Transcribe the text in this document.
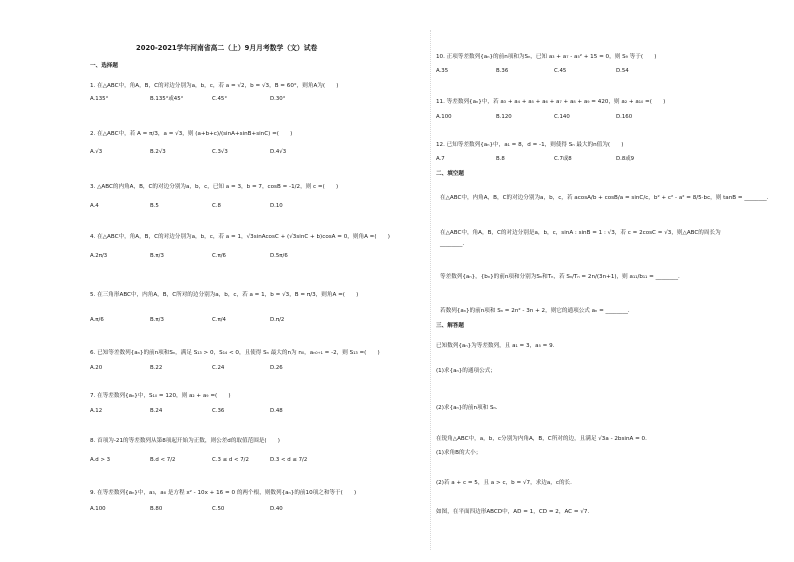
2020-2021学年河南省高二（上）9月月考数学（文）试卷
一、选择题
1. 在△ABC中，角A，B，C的对边分别为a，b，c，若 a = √2，b = √3，B = 60°，则角A为(　　)
A.135°	B.135°或45°	C.45°	D.30°
2. 在△ABC中，若 A = π/3，a = √3，则 (a+b+c)/(sinA+sinB+sinC) =(　　)
A.√3	B.2√3	C.3√3	D.4√3
3. △ABC的内角A，B，C的对边分别为a，b，c，已知 a = 3，b = 7，cosB = -1/2，则 c =(　　)
A.4	B.5	C.8	D.10
4. 在△ABC中，角A，B，C的对边分别为a，b，c，若 a = 1，√3sinAcosC + (√3sinC + b)cosA = 0，则角A =(　　)
A.2π/3	B.π/3	C.π/6	D.5π/6
5. 在三角形ABC中，内角A，B，C所对的边分别为a，b，c，若 a = 1，b = √3，B = π/3，则角A =(　　)
A.π/6	B.π/3	C.π/4	D.π/2
6. 已知等差数列{aₙ}的前n项和Sₙ，满足 S₁₃ > 0，S₁₄ < 0，且使得 Sₙ 最大的n为 n₀，aₙ₀₊₁ = -2，则 S₁₃ =(　　)
A.20	B.22	C.24	D.26
7. 在等差数列{aₙ}中，S₁₀ = 120，则 a₂ + a₉ =(　　)
A.12	B.24	C.36	D.48
8. 首项为-21的等差数列从第8项起开始为正数，则公差d的取值范围是(　　)
A.d > 3	B.d < 7/2	C.3 ≤ d < 7/2	D.3 < d ≤ 7/2
9. 在等差数列{aₙ}中，a₃，a₈ 是方程 x² - 10x + 16 = 0 的两个根，则数列{aₙ}的前10项之和等于(　　)
A.100	B.80	C.50	D.40
10. 正项等差数列{aₙ}的前n项和为Sₙ，已知 a₃ + a₇ - a₅² + 15 = 0，则 S₉ 等于(　　)
A.35	B.36	C.45	D.54
11. 等差数列{aₙ}中，若 a₃ + a₄ + a₅ + a₆ + a₇ + a₈ + a₉ = 420，则 a₂ + a₁₀ =(　　)
A.100	B.120	C.140	D.160
12. 已知等差数列{aₙ}中，a₁ = 8，d = -1，则使得 Sₙ 最大的n值为(　　)
A.7	B.8	C.7或8	D.8或9
二、填空题
在△ABC中，内角A，B，C的对边分别为a，b，c，若 acosA/b + cosB/a = sinC/c，b² + c² - a² = 8/5·bc，则 tanB = ________.
在△ABC中，角A，B，C的对边分别是a，b，c，sinA : sinB = 1 : √3，若 c = 2cosC = √3，则△ABC的周长为
________.
等差数列{aₙ}，{bₙ}的前n项和分别为Sₙ和Tₙ，若 Sₙ/Tₙ = 2n/(3n+1)，则 a₁₁/b₁₁ = ________.
若数列{aₙ}的前n项和 Sₙ = 2n² - 3n + 2，则它的通项公式 aₙ = ________.
三、解答题
已知数列{aₙ}为等差数列，且 a₁ = 3，a₅ = 9.
(1)求{aₙ}的通项公式；
(2)求{aₙ}的前n项和 Sₙ.
在锐角△ABC中，a，b，c分别为内角A，B，C所对的边，且满足 √3a - 2bsinA = 0.
(1)求角B的大小；
(2)若 a + c = 5，且 a > c，b = √7，求边a，c的长.
如图，在平面四边形ABCD中，AD = 1，CD = 2，AC = √7.
